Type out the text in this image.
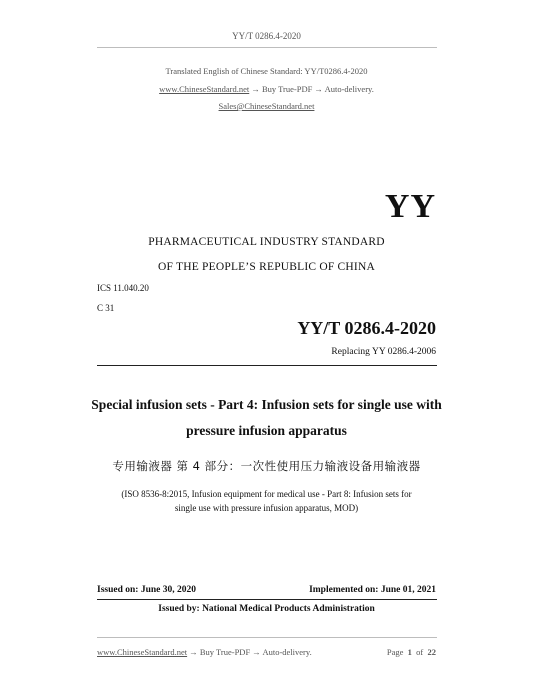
YY/T 0286.4-2020
Translated English of Chinese Standard: YY/T0286.4-2020
www.ChineseStandard.net → Buy True-PDF → Auto-delivery.
Sales@ChineseStandard.net
YY
PHARMACEUTICAL INDUSTRY STANDARD
OF THE PEOPLE’S REPUBLIC OF CHINA
ICS 11.040.20
C 31
YY/T 0286.4-2020
Replacing YY 0286.4-2006
Special infusion sets - Part 4: Infusion sets for single use with
pressure infusion apparatus
专用输液器 第 4 部分：一次性使用压力输液设备用输液器
(ISO 8536-8:2015, Infusion equipment for medical use - Part 8: Infusion sets for
single use with pressure infusion apparatus, MOD)
Issued on: June 30, 2020	Implemented on: June 01, 2021
Issued by: National Medical Products Administration
www.ChineseStandard.net → Buy True-PDF → Auto-delivery.	Page 1 of 22
